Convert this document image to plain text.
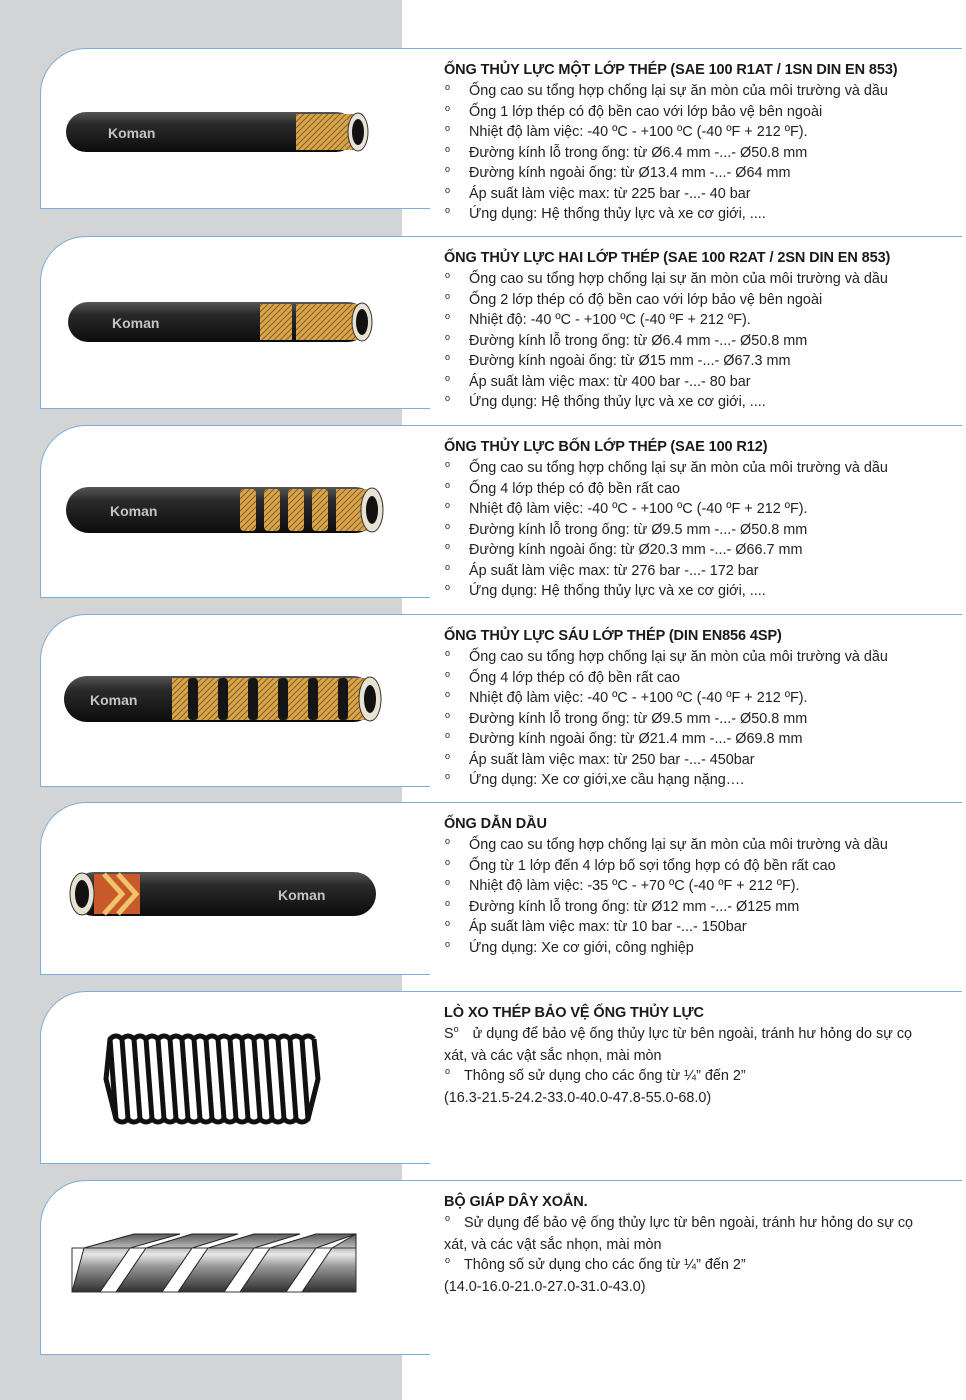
Koman
ỐNG THỦY LỰC MỘT LỚP THÉP (SAE 100 R1AT / 1SN DIN EN 853)
o Ống cao su tổng hợp chống lại sự ăn mòn của môi trường và dầu
o Ống 1 lớp thép có độ bền cao với lớp bảo vệ bên ngoài
o Nhiệt độ làm việc: -40 ºC - +100 ºC (-40 ºF + 212 ºF).
o Đường kính lỗ trong ống: từ Ø6.4 mm -...- Ø50.8 mm
o Đường kính ngoài ống: từ Ø13.4 mm -...- Ø64 mm
o Áp suất làm việc max: từ 225 bar -...- 40 bar
o Ứng dụng: Hệ thống thủy lực và xe cơ giới, ....
Koman
ỐNG THỦY LỰC HAI LỚP THÉP (SAE 100 R2AT / 2SN DIN EN 853)
o Ống cao su tổng hợp chống lại sự ăn mòn của môi trường và dầu
o Ống 2 lớp thép có độ bền cao với lớp bảo vệ bên ngoài
o Nhiệt độ: -40 ºC - +100 ºC (-40 ºF + 212 ºF).
o Đường kính lỗ trong ống: từ Ø6.4 mm -...- Ø50.8 mm
o Đường kính ngoài ống: từ Ø15 mm -...- Ø67.3 mm
o Áp suất làm việc max: từ 400 bar -...- 80 bar
o Ứng dụng: Hệ thống thủy lực và xe cơ giới, ....
Koman
ỐNG THỦY LỰC BỐN LỚP THÉP (SAE 100 R12)
o Ống cao su tổng hợp chống lại sự ăn mòn của môi trường và dầu
o Ống 4 lớp thép có độ bền rất cao
o Nhiệt độ làm việc: -40 ºC - +100 ºC (-40 ºF + 212 ºF).
o Đường kính lỗ trong ống: từ Ø9.5 mm -...- Ø50.8 mm
o Đường kính ngoài ống: từ Ø20.3 mm -...- Ø66.7 mm
o Áp suất làm việc max: từ 276 bar -...- 172 bar
o Ứng dụng: Hệ thống thủy lực và xe cơ giới, ....
Koman
ỐNG THỦY LỰC SÁU LỚP THÉP (DIN EN856 4SP)
o Ống cao su tổng hợp chống lại sự ăn mòn của môi trường và dầu
o Ống 4 lớp thép có độ bền rất cao
o Nhiệt độ làm việc: -40 ºC - +100 ºC (-40 ºF + 212 ºF).
o Đường kính lỗ trong ống: từ Ø9.5 mm -...- Ø50.8 mm
o Đường kính ngoài ống: từ Ø21.4 mm -...- Ø69.8 mm
o Áp suất làm việc max: từ 250 bar -...- 450bar
o Ứng dụng: Xe cơ giới,xe cầu hạng nặng….
Koman
ỐNG DẪN DẦU
o Ống cao su tổng hợp chống lại sự ăn mòn của môi trường và dầu
o Ống từ 1 lớp đến 4 lớp bố sợi tổng hợp có độ bền rất cao
o Nhiệt độ làm việc: -35 ºC - +70 ºC (-40 ºF + 212 ºF).
o Đường kính lỗ trong ống: từ Ø12 mm -...- Ø125 mm
o Áp suất làm việc max: từ 10 bar -...- 150bar
o Ứng dụng: Xe cơ giới, công nghiệp
LÒ XO THÉP BẢO VỆ ỐNG THỦY LỰC

$S^o$ ử dụng để bảo vệ ống thủy lực từ bên ngoài, tránh hư hỏng do sự cọ
xát, và các vật sắc nhọn, mài mòn
$^o$ Thông số sử dụng cho các ống từ ¼” đến 2”
(16.3-21.5-24.2-33.0-40.0-47.8-55.0-68.0)

BỘ GIÁP DÂY XOẮN.

$^o$ Sử dụng để bảo vệ ống thủy lực từ bên ngoài, tránh hư hỏng do sự cọ
xát, và các vật sắc nhọn, mài mòn
$^o$ Thông số sử dụng cho các ống từ ¼” đến 2”
(14.0-16.0-21.0-27.0-31.0-43.0)
